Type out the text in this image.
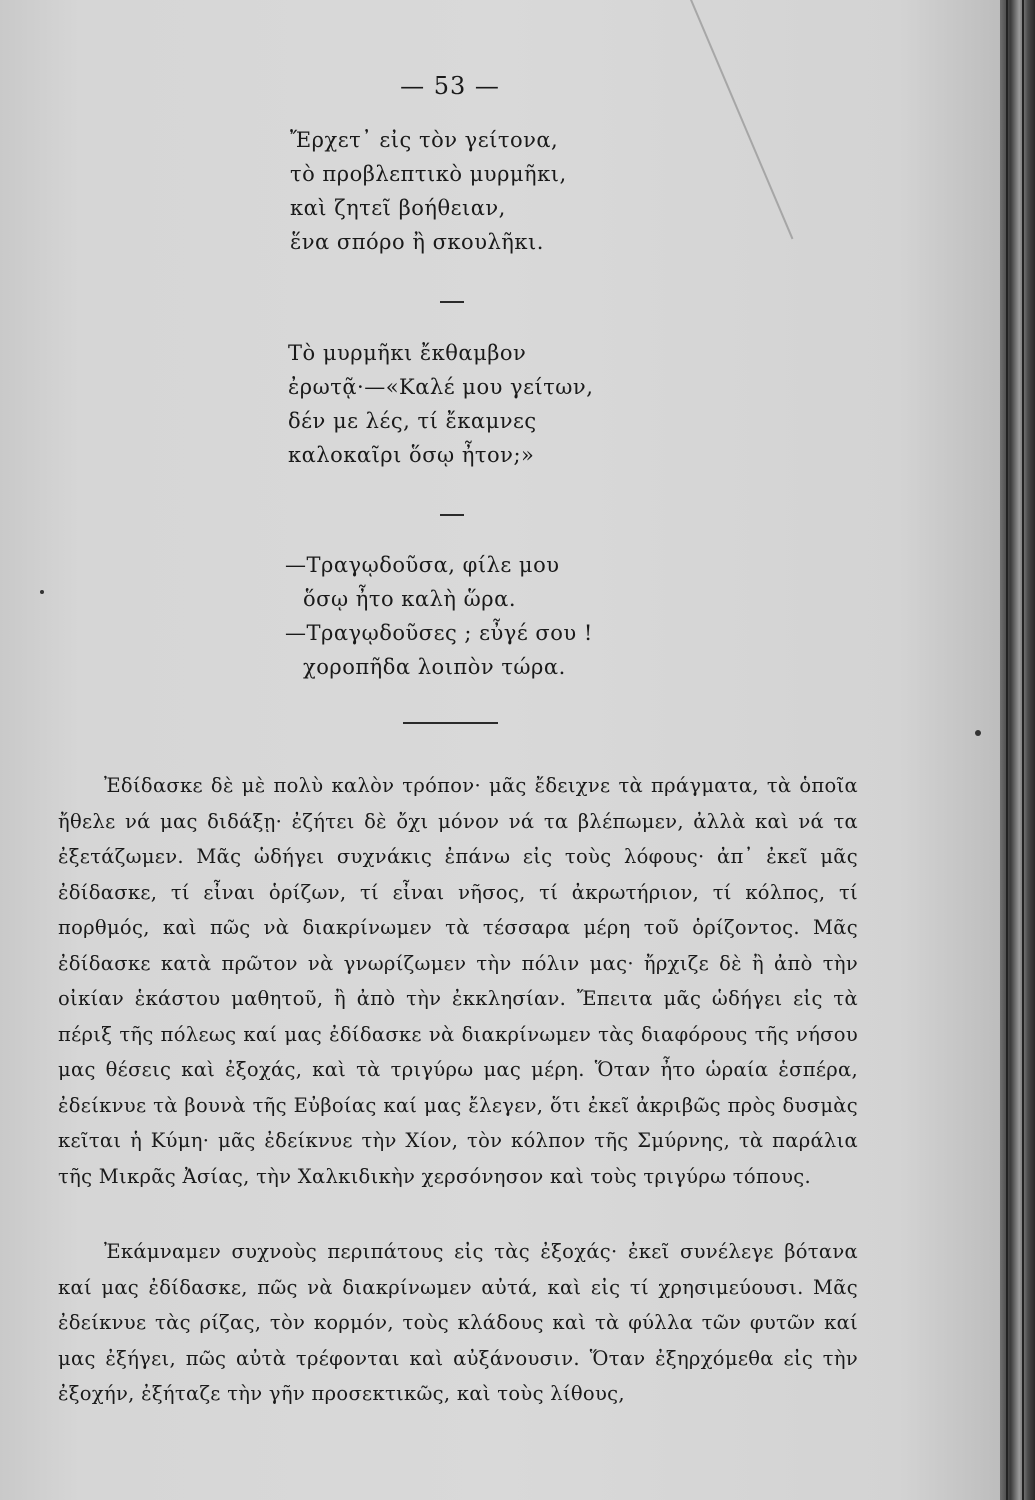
— 53 —
Ἔρχετ᾽ εἰς τὸν γείτονα,
τὸ προβλεπτικὸ μυρμῆκι,
καὶ ζητεῖ βοήθειαν,
ἕνα σπόρο ἢ σκουλῆκι.
Τὸ μυρμῆκι ἔκθαμβον
ἐρωτᾷ·—«Καλέ μου γείτων,
δέν με λές, τί ἔκαμνες
καλοκαῖρι ὅσῳ ἦτον;»
—Τραγῳδοῦσα, φίλε μου
ὅσῳ ἦτο καλὴ ὥρα.
—Τραγῳδοῦσες ; εὖγέ σου !
χοροπῆδα λοιπὸν τώρα.

Ἐδίδασκε δὲ μὲ πολὺ καλὸν τρόπον· μᾶς ἔδειχνε τὰ πράγματα, τὰ ὁποῖα ἤθελε νά μας διδάξῃ· ἐζήτει δὲ ὄχι μόνον νά τα βλέπωμεν, ἀλλὰ καὶ νά τα ἐξετάζωμεν. Μᾶς ὡδήγει συχνάκις ἐπάνω εἰς τοὺς λόφους· ἀπ᾽ ἐκεῖ μᾶς ἐδίδασκε, τί εἶναι ὁρίζων, τί εἶναι νῆσος, τί ἀκρωτήριον, τί κόλπος, τί πορθμός, καὶ πῶς νὰ διακρίνωμεν τὰ τέσσαρα μέρη τοῦ ὁρίζοντος. Μᾶς ἐδίδασκε κατὰ πρῶτον νὰ γνωρίζωμεν τὴν πόλιν μας· ἤρχιζε δὲ ἢ ἀπὸ τὴν οἰκίαν ἑκάστου μαθητοῦ, ἢ ἀπὸ τὴν ἐκκλησίαν. Ἔπειτα μᾶς ὡδήγει εἰς τὰ πέριξ τῆς πόλεως καί μας ἐδίδασκε νὰ διακρίνωμεν τὰς διαφόρους τῆς νήσου μας θέσεις καὶ ἐξοχάς, καὶ τὰ τριγύρω μας μέρη. Ὅταν ἦτο ὡραία ἑσπέρα, ἐδείκνυε τὰ βουνὰ τῆς Εὐβοίας καί μας ἔλεγεν, ὅτι ἐκεῖ ἀκριβῶς πρὸς δυσμὰς κεῖται ἡ Κύμη· μᾶς ἐδείκνυε τὴν Χίον, τὸν κόλπον τῆς Σμύρνης, τὰ παράλια τῆς Μικρᾶς Ἀσίας, τὴν Χαλκιδικὴν χερσόνησον καὶ τοὺς τριγύρω τόπους.

Ἐκάμναμεν συχνοὺς περιπάτους εἰς τὰς ἐξοχάς· ἐκεῖ συνέλεγε βότανα καί μας ἐδίδασκε, πῶς νὰ διακρίνωμεν αὐτά, καὶ εἰς τί χρησιμεύουσι. Μᾶς ἐδείκνυε τὰς ρίζας, τὸν κορμόν, τοὺς κλάδους καὶ τὰ φύλλα τῶν φυτῶν καί μας ἐξήγει, πῶς αὐτὰ τρέφονται καὶ αὐξάνουσιν. Ὅταν ἐξηρχόμεθα εἰς τὴν ἐξοχήν, ἐξήταζε τὴν γῆν προσεκτικῶς, καὶ τοὺς λίθους,
